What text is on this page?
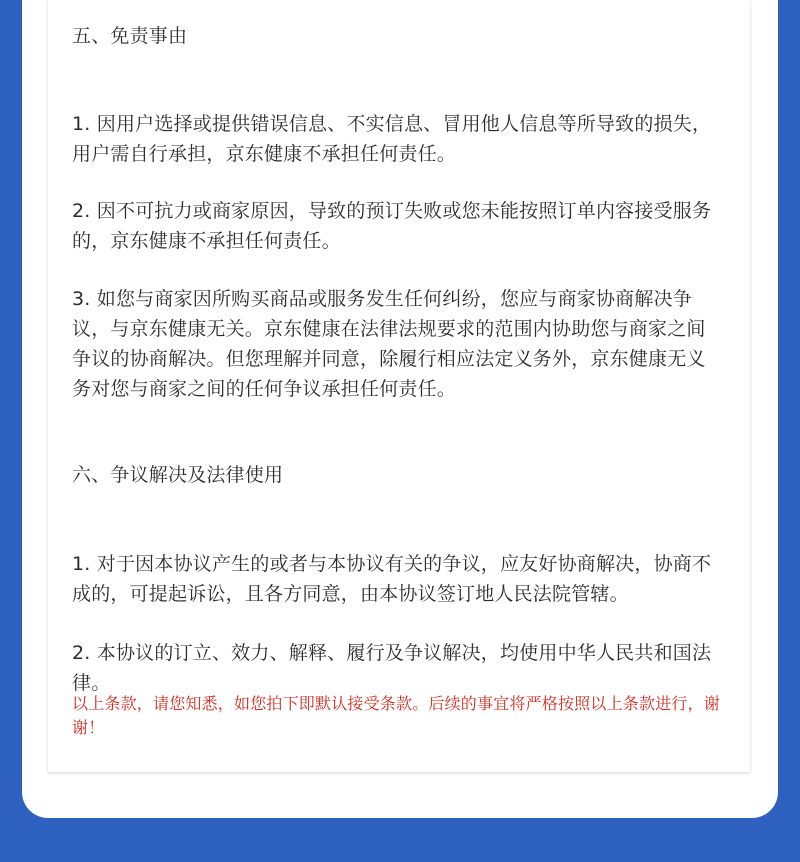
五、免责事由

1. 因用户选择或提供错误信息、不实信息、冒用他人信息等所导致的损失，用户需自行承担，京东健康不承担任何责任。

2. 因不可抗力或商家原因，导致的预订失败或您未能按照订单内容接受服务的，京东健康不承担任何责任。

3. 如您与商家因所购买商品或服务发生任何纠纷，您应与商家协商解决争议，与京东健康无关。京东健康在法律法规要求的范围内协助您与商家之间争议的协商解决。但您理解并同意，除履行相应法定义务外，京东健康无义务对您与商家之间的任何争议承担任何责任。

六、争议解决及法律使用

1. 对于因本协议产生的或者与本协议有关的争议，应友好协商解决，协商不成的，可提起诉讼，且各方同意，由本协议签订地人民法院管辖。

2. 本协议的订立、效力、解释、履行及争议解决，均使用中华人民共和国法律。

以上条款，请您知悉，如您拍下即默认接受条款。后续的事宜将严格按照以上条款进行，谢谢！
